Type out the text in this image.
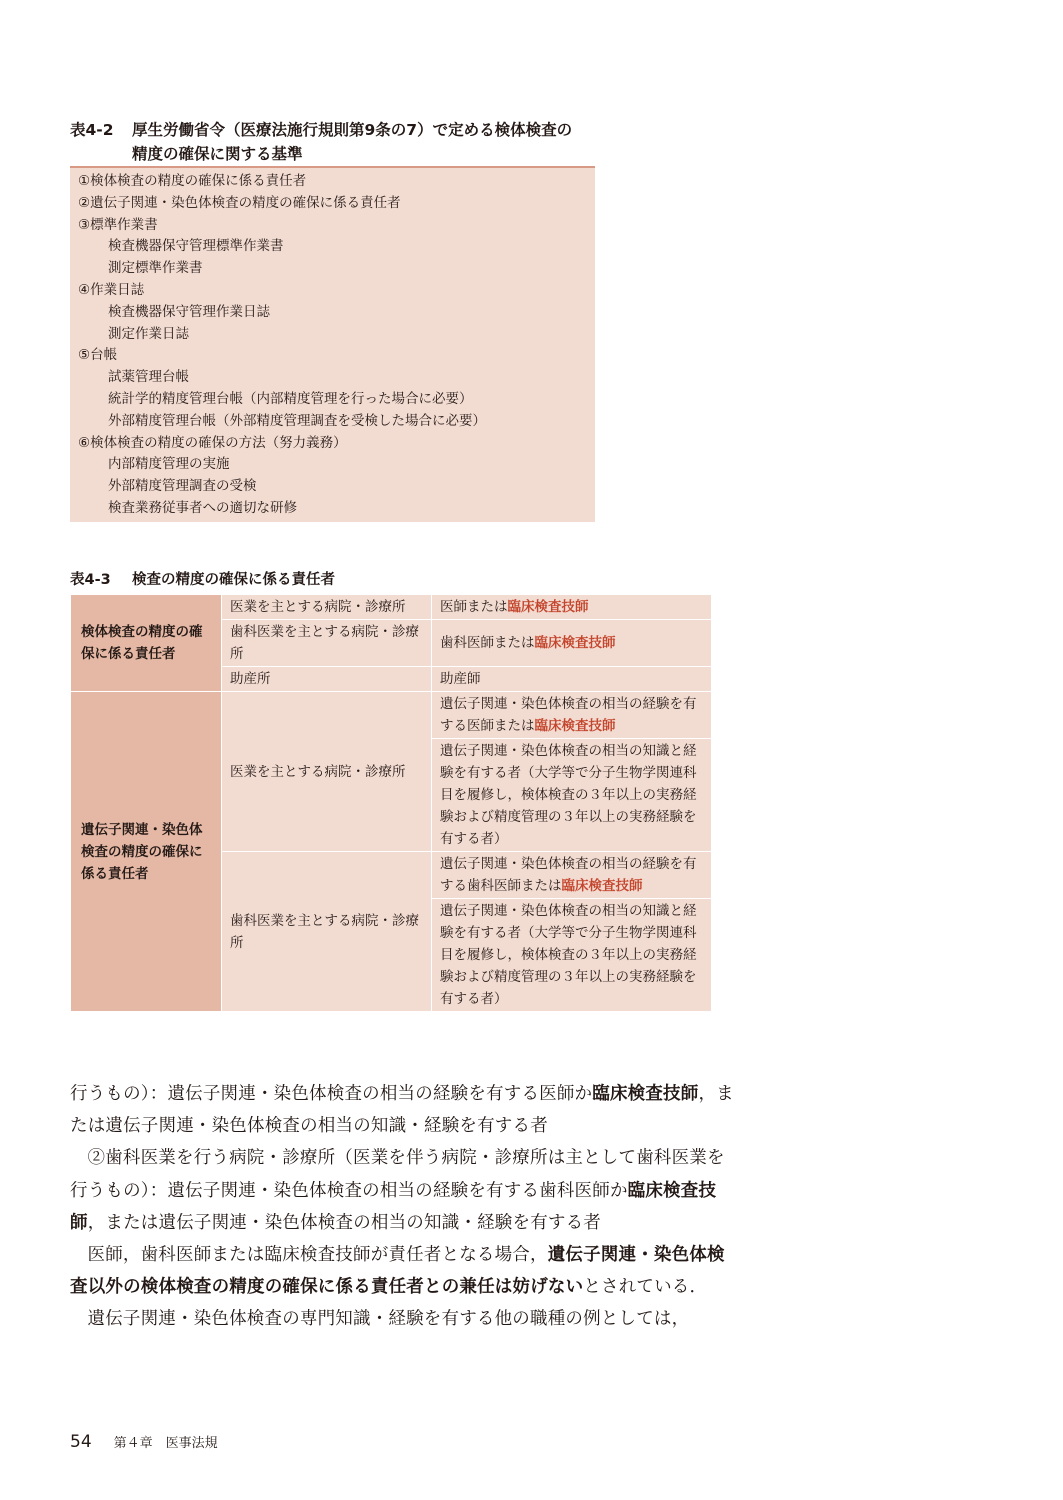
表4-2 厚生労働省令（医療法施行規則第9条の7）で定める検体検査の
精度の確保に関する基準
①検体検査の精度の確保に係る責任者
②遺伝子関連・染色体検査の精度の確保に係る責任者
③標準作業書
検査機器保守管理標準作業書
測定標準作業書
④作業日誌
検査機器保守管理作業日誌
測定作業日誌
⑤台帳
試薬管理台帳
統計学的精度管理台帳（内部精度管理を行った場合に必要）
外部精度管理台帳（外部精度管理調査を受検した場合に必要）
⑥検体検査の精度の確保の方法（努力義務）
内部精度管理の実施
外部精度管理調査の受検
検査業務従事者への適切な研修
表4-3 検査の精度の確保に係る責任者
検体検査の精度の確保に係る責任者	医業を主とする病院・診療所	医師または臨床検査技師
	歯科医業を主とする病院・診療所	歯科医師または臨床検査技師
	助産所	助産師
遺伝子関連・染色体検査の精度の確保に係る責任者	医業を主とする病院・診療所	遺伝子関連・染色体検査の相当の経験を有する医師または臨床検査技師
		遺伝子関連・染色体検査の相当の知識と経験を有する者（大学等で分子生物学関連科目を履修し，検体検査の３年以上の実務経験および精度管理の３年以上の実務経験を有する者）
	歯科医業を主とする病院・診療所	遺伝子関連・染色体検査の相当の経験を有する歯科医師または臨床検査技師
		遺伝子関連・染色体検査の相当の知識と経験を有する者（大学等で分子生物学関連科目を履修し，検体検査の３年以上の実務経験および精度管理の３年以上の実務経験を有する者）

行うもの）：遺伝子関連・染色体検査の相当の経験を有する医師か臨床検査技師，または遺伝子関連・染色体検査の相当の知識・経験を有する者

②歯科医業を行う病院・診療所（医業を伴う病院・診療所は主として歯科医業を行うもの）：遺伝子関連・染色体検査の相当の経験を有する歯科医師か臨床検査技師，または遺伝子関連・染色体検査の相当の知識・経験を有する者

医師，歯科医師または臨床検査技師が責任者となる場合，遺伝子関連・染色体検査以外の検体検査の精度の確保に係る責任者との兼任は妨げないとされている．

遺伝子関連・染色体検査の専門知識・経験を有する他の職種の例としては，

54 第４章　医事法規
